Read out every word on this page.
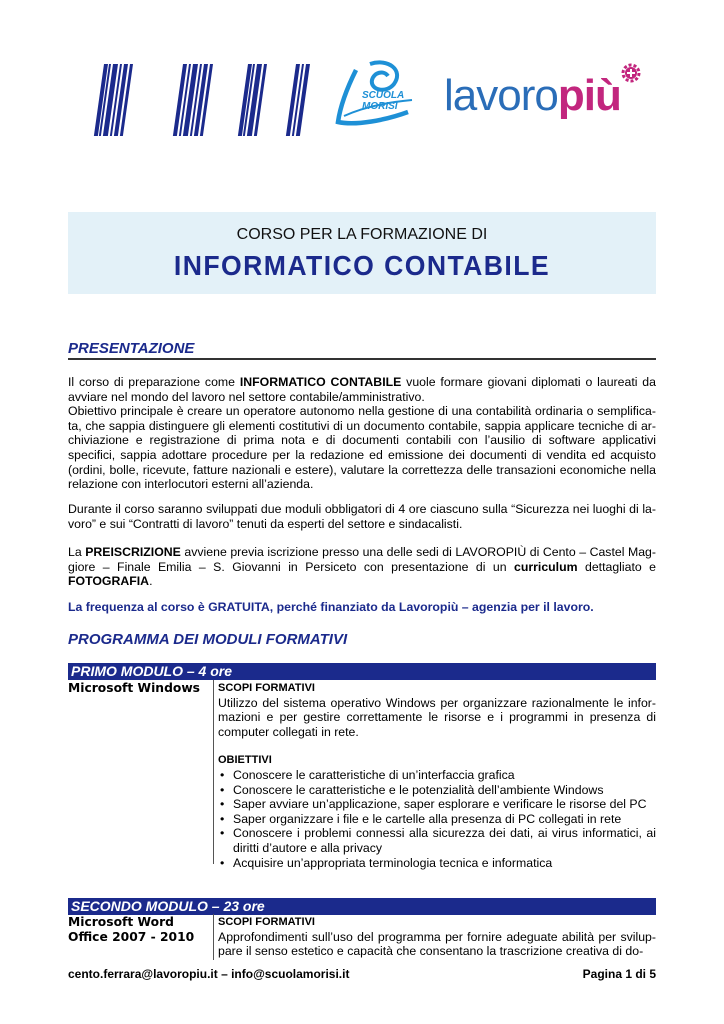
SCUOLA
MORISI lavoropiù
CORSO PER LA FORMAZIONE DI
INFORMATICO CONTABILE
PRESENTAZIONE
Il corso di preparazione come INFORMATICO CONTABILE vuole formare giovani diplomati o laureati da avviare nel mondo del lavoro nel settore contabile/amministrativo.
Obiettivo principale è creare un operatore autonomo nella gestione di una contabilità ordinaria o semplifica-ta, che sappia distinguere gli elementi costitutivi di un documento contabile, sappia applicare tecniche di ar-chiviazione e registrazione di prima nota e di documenti contabili con l’ausilio di software applicativi specifici, sappia adottare procedure per la redazione ed emissione dei documenti di vendita ed acquisto (ordini, bolle, ricevute, fatture nazionali e estere), valutare la correttezza delle transazioni economiche nella relazione con interlocutori esterni all’azienda.
Durante il corso saranno sviluppati due moduli obbligatori di 4 ore ciascuno sulla “Sicurezza nei luoghi di la-voro” e sui “Contratti di lavoro” tenuti da esperti del settore e sindacalisti.
La PREISCRIZIONE avviene previa iscrizione presso una delle sedi di LAVOROPIÙ di Cento – Castel Mag-giore – Finale Emilia – S. Giovanni in Persiceto con presentazione di un curriculum dettagliato e FOTOGRAFIA.
La frequenza al corso è GRATUITA, perché finanziato da Lavoropiù – agenzia per il lavoro.
PROGRAMMA DEI MODULI FORMATIVI
PRIMO MODULO – 4 ore
Microsoft Windows SCOPI FORMATIVI
Utilizzo del sistema operativo Windows per organizzare razionalmente le infor-mazioni e per gestire correttamente le risorse e i programmi in presenza di computer collegati in rete.
OBIETTIVI
• Conoscere le caratteristiche di un’interfaccia grafica
• Conoscere le caratteristiche e le potenzialità dell’ambiente Windows
• Saper avviare un’applicazione, saper esplorare e verificare le risorse del PC
• Saper organizzare i file e le cartelle alla presenza di PC collegati in rete
• Conoscere i problemi connessi alla sicurezza dei dati, ai virus informatici, ai diritti d’autore e alla privacy
• Acquisire un’appropriata terminologia tecnica e informatica
SECONDO MODULO – 23 ore
Microsoft Word
Office 2007 - 2010
SCOPI FORMATIVI
Approfondimenti sull’uso del programma per fornire adeguate abilità per svilup-pare il senso estetico e capacità che consentano la trascrizione creativa di do-
cento.ferrara@lavoropiu.it – info@scuolamorisi.it	Pagina 1 di 5
